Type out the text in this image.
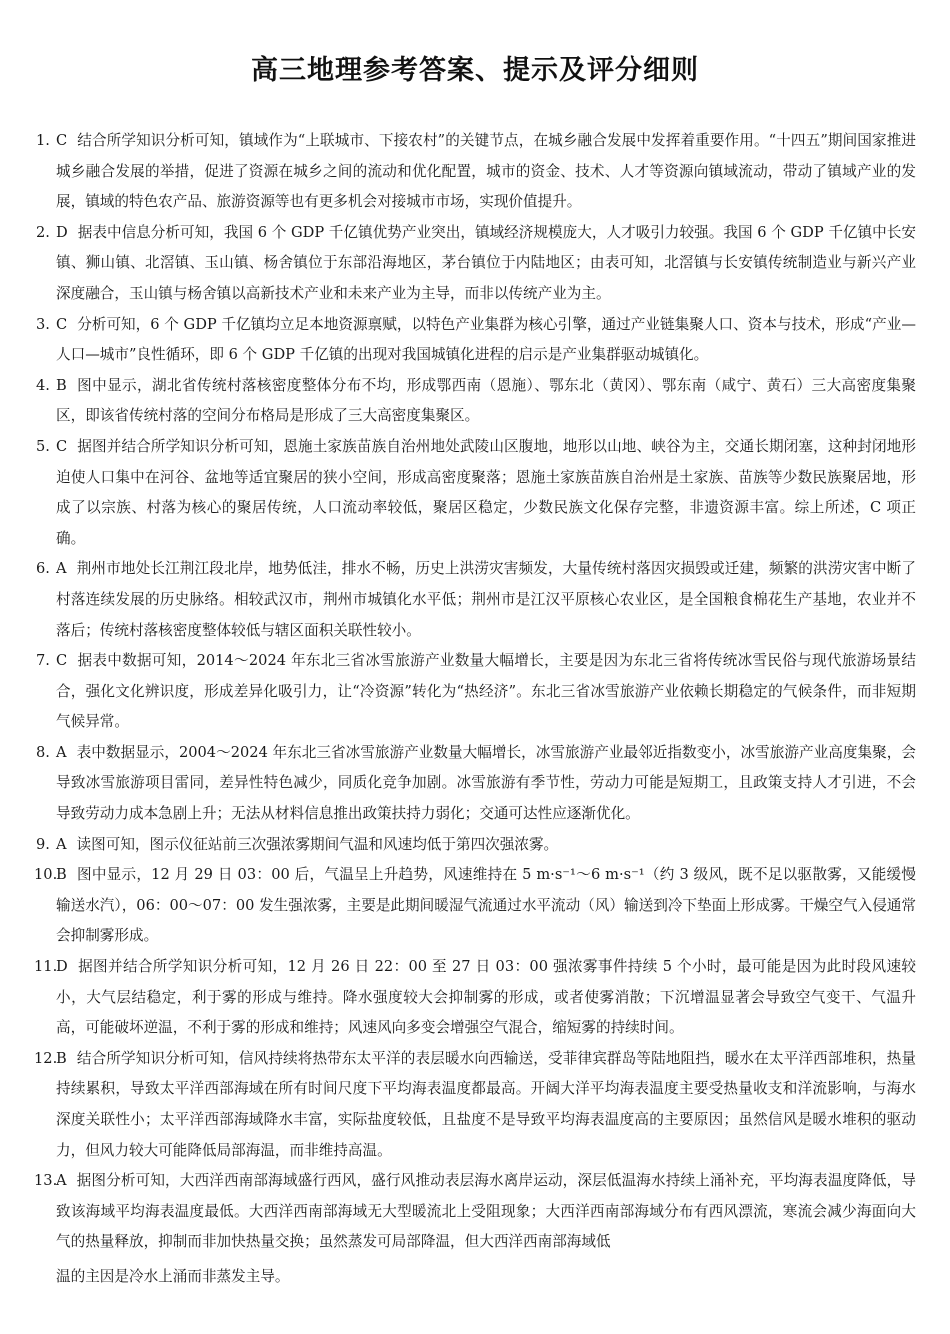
高三地理参考答案、提示及评分细则
1. C 结合所学知识分析可知，镇域作为“上联城市、下接农村”的关键节点，在城乡融合发展中发挥着重要作用。“十四五”期间国家推进城乡融合发展的举措，促进了资源在城乡之间的流动和优化配置，城市的资金、技术、人才等资源向镇域流动，带动了镇域产业的发展，镇域的特色农产品、旅游资源等也有更多机会对接城市市场，实现价值提升。
2. D 据表中信息分析可知，我国 6 个 GDP 千亿镇优势产业突出，镇域经济规模庞大，人才吸引力较强。我国 6 个 GDP 千亿镇中长安镇、狮山镇、北滘镇、玉山镇、杨舍镇位于东部沿海地区，茅台镇位于内陆地区；由表可知，北滘镇与长安镇传统制造业与新兴产业深度融合，玉山镇与杨舍镇以高新技术产业和未来产业为主导，而非以传统产业为主。
3. C 分析可知，6 个 GDP 千亿镇均立足本地资源禀赋，以特色产业集群为核心引擎，通过产业链集聚人口、资本与技术，形成“产业—人口—城市”良性循环，即 6 个 GDP 千亿镇的出现对我国城镇化进程的启示是产业集群驱动城镇化。
4. B 图中显示，湖北省传统村落核密度整体分布不均，形成鄂西南（恩施）、鄂东北（黄冈）、鄂东南（咸宁、黄石）三大高密度集聚区，即该省传统村落的空间分布格局是形成了三大高密度集聚区。
5. C 据图并结合所学知识分析可知，恩施土家族苗族自治州地处武陵山区腹地，地形以山地、峡谷为主，交通长期闭塞，这种封闭地形迫使人口集中在河谷、盆地等适宜聚居的狭小空间，形成高密度聚落；恩施土家族苗族自治州是土家族、苗族等少数民族聚居地，形成了以宗族、村落为核心的聚居传统，人口流动率较低，聚居区稳定，少数民族文化保存完整，非遗资源丰富。综上所述，C 项正确。
6. A 荆州市地处长江荆江段北岸，地势低洼，排水不畅，历史上洪涝灾害频发，大量传统村落因灾损毁或迁建，频繁的洪涝灾害中断了村落连续发展的历史脉络。相较武汉市，荆州市城镇化水平低；荆州市是江汉平原核心农业区，是全国粮食棉花生产基地，农业并不落后；传统村落核密度整体较低与辖区面积关联性较小。
7. C 据表中数据可知，2014～2024 年东北三省冰雪旅游产业数量大幅增长，主要是因为东北三省将传统冰雪民俗与现代旅游场景结合，强化文化辨识度，形成差异化吸引力，让“冷资源”转化为“热经济”。东北三省冰雪旅游产业依赖长期稳定的气候条件，而非短期气候异常。
8. A 表中数据显示，2004～2024 年东北三省冰雪旅游产业数量大幅增长，冰雪旅游产业最邻近指数变小，冰雪旅游产业高度集聚，会导致冰雪旅游项目雷同，差异性特色减少，同质化竞争加剧。冰雪旅游有季节性，劳动力可能是短期工，且政策支持人才引进，不会导致劳动力成本急剧上升；无法从材料信息推出政策扶持力弱化；交通可达性应逐渐优化。
9. A 读图可知，图示仪征站前三次强浓雾期间气温和风速均低于第四次强浓雾。
10.
B 图中显示，12 月 29 日 03：00 后，气温呈上升趋势，风速维持在 5 m·s⁻¹～6 m·s⁻¹（约 3 级风，既不足以驱散雾，又能缓慢输送水汽），06：00～07：00 发生强浓雾，主要是此期间暖湿气流通过水平流动（风）输送到冷下垫面上形成雾。干燥空气入侵通常会抑制雾形成。
11.
D 据图并结合所学知识分析可知，12 月 26 日 22：00 至 27 日 03：00 强浓雾事件持续 5 个小时，最可能是因为此时段风速较小，大气层结稳定，利于雾的形成与维持。降水强度较大会抑制雾的形成，或者使雾消散；下沉增温显著会导致空气变干、气温升高，可能破坏逆温，不利于雾的形成和维持；风速风向多变会增强空气混合，缩短雾的持续时间。
12.
B 结合所学知识分析可知，信风持续将热带东太平洋的表层暖水向西输送，受菲律宾群岛等陆地阻挡，暖水在太平洋西部堆积，热量持续累积，导致太平洋西部海域在所有时间尺度下平均海表温度都最高。开阔大洋平均海表温度主要受热量收支和洋流影响，与海水深度关联性小；太平洋西部海域降水丰富，实际盐度较低，且盐度不是导致平均海表温度高的主要原因；虽然信风是暖水堆积的驱动力，但风力较大可能降低局部海温，而非维持高温。
13.
A 据图分析可知，大西洋西南部海域盛行西风，盛行风推动表层海水离岸运动，深层低温海水持续上涌补充，平均海表温度降低，导致该海域平均海表温度最低。大西洋西南部海域无大型暖流北上受阻现象；大西洋西南部海域分布有西风漂流，寒流会减少海面向大气的热量释放，抑制而非加快热量交换；虽然蒸发可局部降温，但大西洋西南部海域低
温的主因是冷水上涌而非蒸发主导。
